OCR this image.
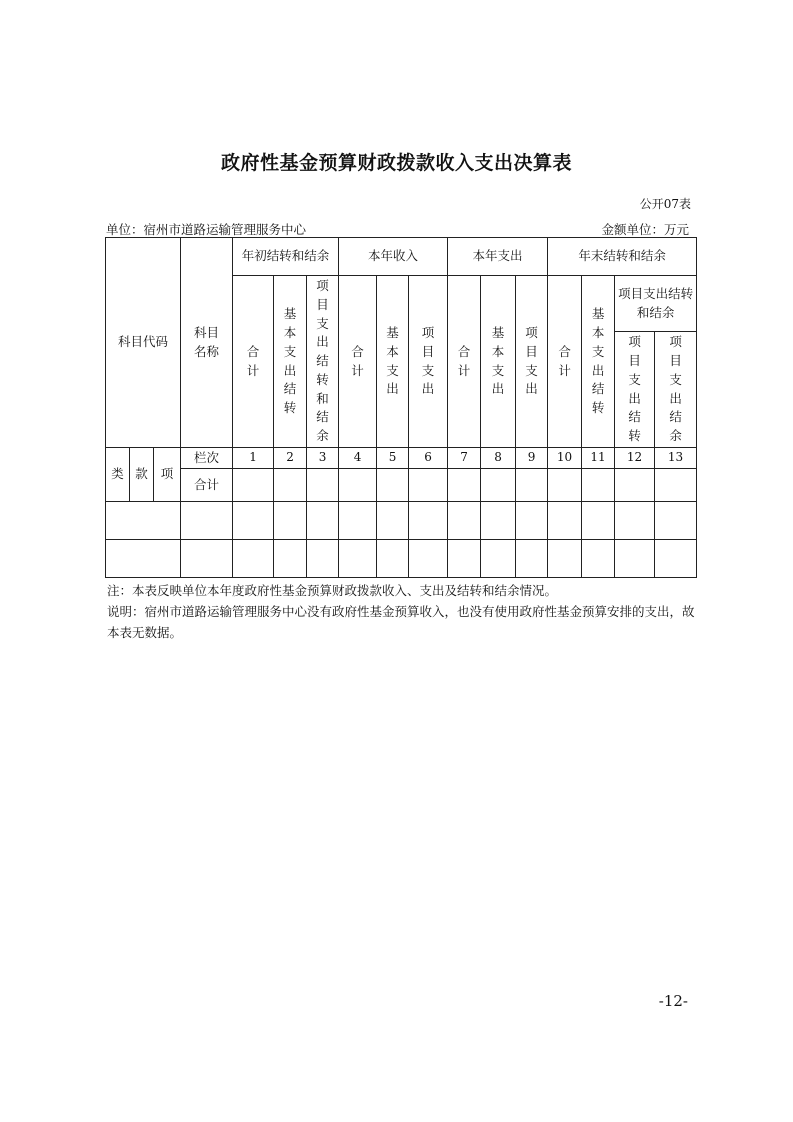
政府性基金预算财政拨款收入支出决算表
公开07表
单位：宿州市道路运输管理服务中心	金额单位：万元
科目代码			科目名称	年初结转和结余			本年收入			本年支出			年末结转和结余			
				合计	基本支出结转	项目支出结转和结余	合计	基本支出	项目支出	合计	基本支出	项目支出	合计	基本支出结转	项目支出结转和结余	
															项目支出结转	项目支出结余

类	款	项	栏次	1	2	3	4	5	6	7	8	9	10	11	12	13
			合计													

注：本表反映单位本年度政府性基金预算财政拨款收入、支出及结转和结余情况。
说明：宿州市道路运输管理服务中心没有政府性基金预算收入，也没有使用政府性基金预算安排的支出，故本表无数据。
-12-
